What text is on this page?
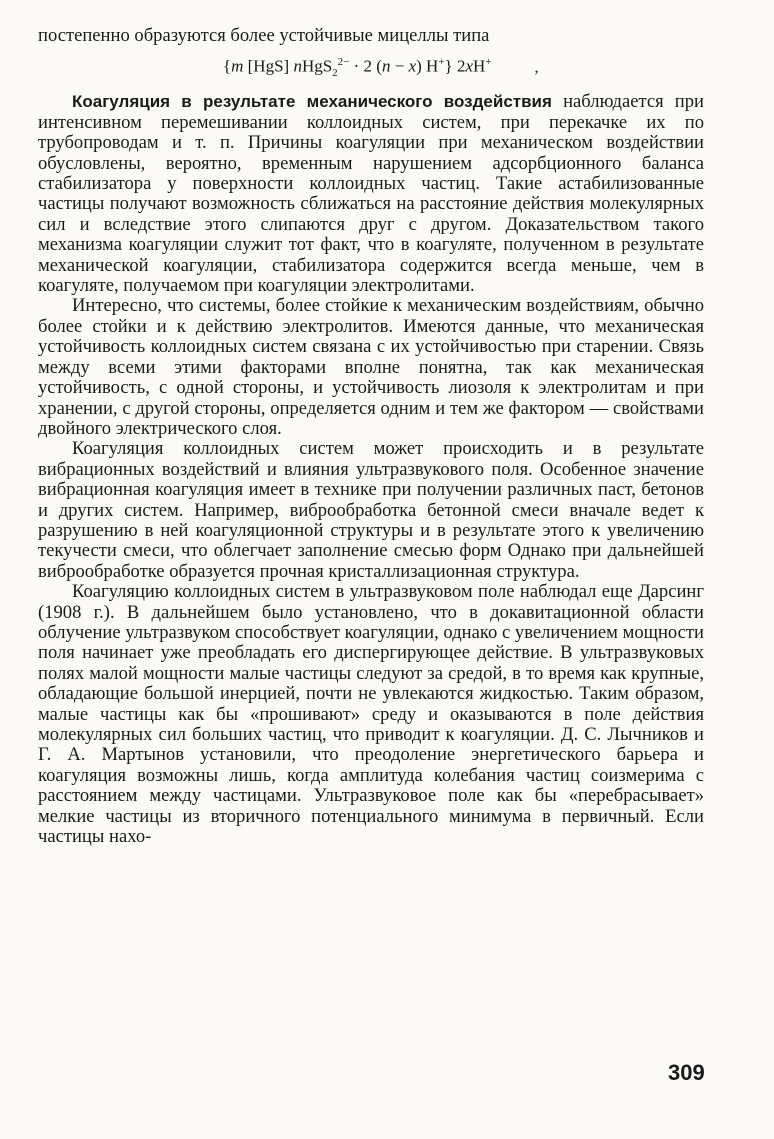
постепенно образуются более устойчивые мицеллы типа

{m [HgS] nHgS$_2^{2-}$ · 2 (n − x) H+} 2xH+	‚

Коагуляция в результате механического воздействия наблюдается при интенсивном перемешивании коллоидных систем, при перекачке их по трубопроводам и т. п. Причины коагуляции при механическом воздействии обусловлены, вероятно, временным нарушением адсорбционного баланса стабилизатора у поверхности коллоидных частиц. Такие астабилизованные частицы получают возможность сближаться на расстояние действия молекулярных сил и вследствие этого слипаются друг с другом. Доказательством такого механизма коагуляции служит тот факт, что в коагуляте, полученном в результате механической коагуляции, стабилизатора содержится всегда меньше, чем в коагуляте, получаемом при коагуляции электролитами.

Интересно, что системы, более стойкие к механическим воздействиям, обычно более стойки и к действию электролитов. Имеются данные, что механическая устойчивость коллоидных систем связана с их устойчивостью при старении. Связь между всеми этими факторами вполне понятна, так как механическая устойчивость, с одной стороны, и устойчивость лиозоля к электролитам и при хранении, с другой стороны, определяется одним и тем же фактором — свойствами двойного электрического слоя.

Коагуляция коллоидных систем может происходить и в результате вибрационных воздействий и влияния ультразвукового поля. Особенное значение вибрационная коагуляция имеет в технике при получении различных паст, бетонов и других систем. Например, виброобработка бетонной смеси вначале ведет к разрушению в ней коагуляционной структуры и в результате этого к увеличению текучести смеси, что облегчает заполнение смесью форм Однако при дальнейшей виброобработке образуется прочная кристаллизационная структура.

Коагуляцию коллоидных систем в ультразвуковом поле наблюдал еще Дарсинг (1908 г.). В дальнейшем было установлено, что в докавитационной области облучение ультразвуком способствует коагуляции, однако с увеличением мощности поля начинает уже преобладать его диспергирующее действие. В ультразвуковых полях малой мощности малые частицы следуют за средой, в то время как крупные, обладающие большой инерцией, почти не увлекаются жидкостью. Таким образом, малые частицы как бы «прошивают» среду и оказываются в поле действия молекулярных сил больших частиц, что приводит к коагуляции. Д. С. Лычников и Г. А. Мартынов установили, что преодоление энергетического барьера и коагуляция возможны лишь, когда амплитуда колебания частиц соизмерима с расстоянием между частицами. Ультразвуковое поле как бы «перебрасывает» мелкие частицы из вторичного потенциального минимума в первичный. Если частицы нахо-

309
